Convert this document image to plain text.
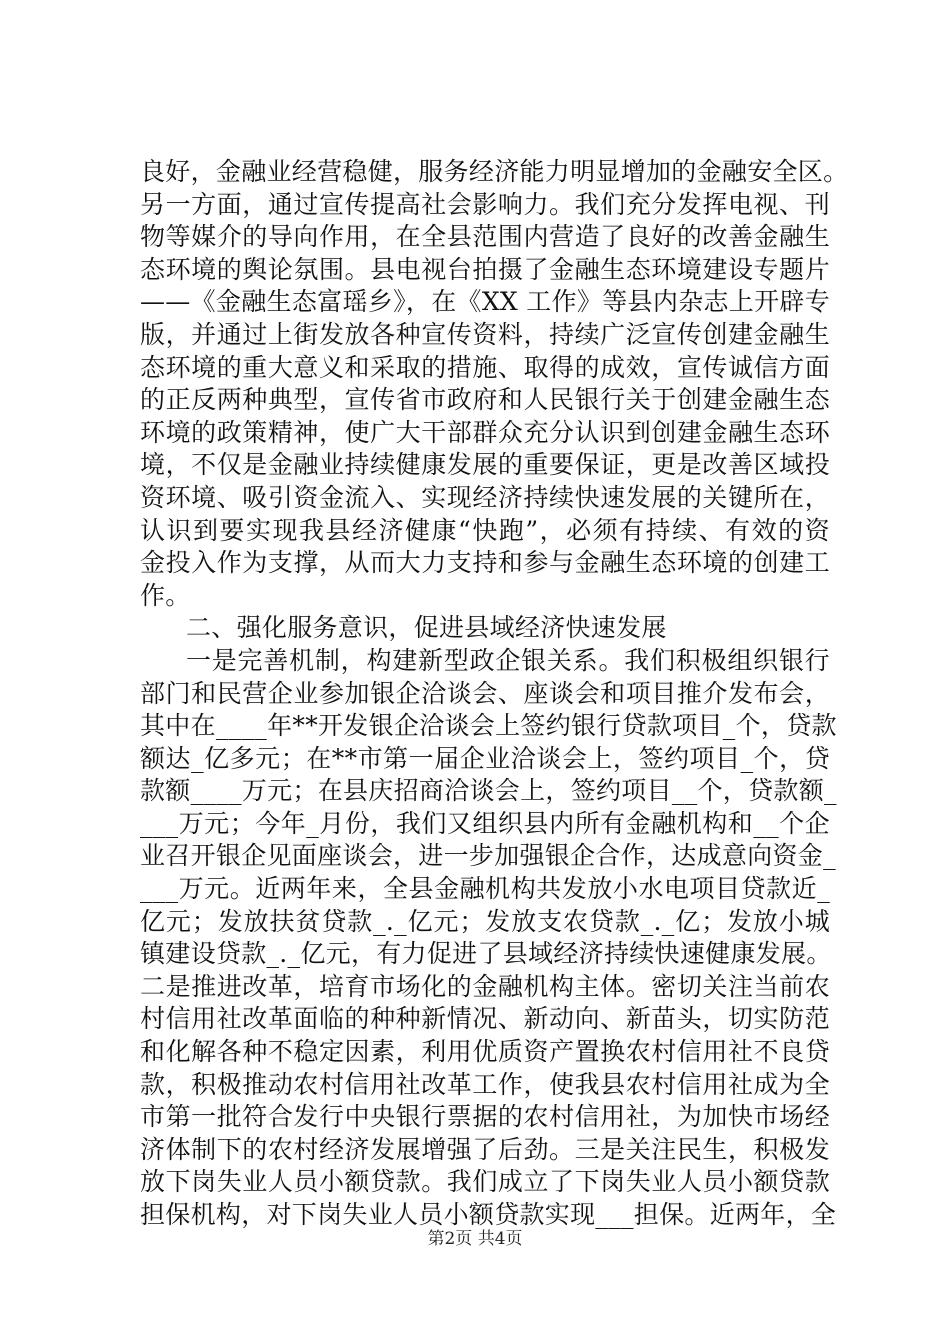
良好，金融业经营稳健，服务经济能力明显增加的金融安全区。
另一方面，通过宣传提高社会影响力。我们充分发挥电视、刊
物等媒介的导向作用，在全县范围内营造了良好的改善金融生
态环境的舆论氛围。县电视台拍摄了金融生态环境建设专题片
——《金融生态富瑶乡》，在《XX 工作》等县内杂志上开辟专
版，并通过上街发放各种宣传资料，持续广泛宣传创建金融生
态环境的重大意义和采取的措施、取得的成效，宣传诚信方面
的正反两种典型，宣传省市政府和人民银行关于创建金融生态
环境的政策精神，使广大干部群众充分认识到创建金融生态环
境，不仅是金融业持续健康发展的重要保证，更是改善区域投
资环境、吸引资金流入、实现经济持续快速发展的关键所在，
认识到要实现我县经济健康“快跑”，必须有持续、有效的资
金投入作为支撑，从而大力支持和参与金融生态环境的创建工
作。
二、强化服务意识，促进县域经济快速发展
一是完善机制，构建新型政企银关系。我们积极组织银行
部门和民营企业参加银企洽谈会、座谈会和项目推介发布会，
其中在____年**开发银企洽谈会上签约银行贷款项目_个，贷款
额达_亿多元；在**市第一届企业洽谈会上，签约项目_个，贷
款额____万元；在县庆招商洽谈会上，签约项目__个，贷款额_
___万元；今年_月份，我们又组织县内所有金融机构和__个企
业召开银企见面座谈会，进一步加强银企合作，达成意向资金_
___万元。近两年来，全县金融机构共发放小水电项目贷款近_
亿元；发放扶贫贷款_._亿元；发放支农贷款_._亿；发放小城
镇建设贷款_._亿元，有力促进了县域经济持续快速健康发展。
二是推进改革，培育市场化的金融机构主体。密切关注当前农
村信用社改革面临的种种新情况、新动向、新苗头，切实防范
和化解各种不稳定因素，利用优质资产置换农村信用社不良贷
款，积极推动农村信用社改革工作，使我县农村信用社成为全
市第一批符合发行中央银行票据的农村信用社，为加快市场经
济体制下的农村经济发展增强了后劲。三是关注民生，积极发
放下岗失业人员小额贷款。我们成立了下岗失业人员小额贷款
担保机构，对下岗失业人员小额贷款实现___担保。近两年，全
第2页 共4页
